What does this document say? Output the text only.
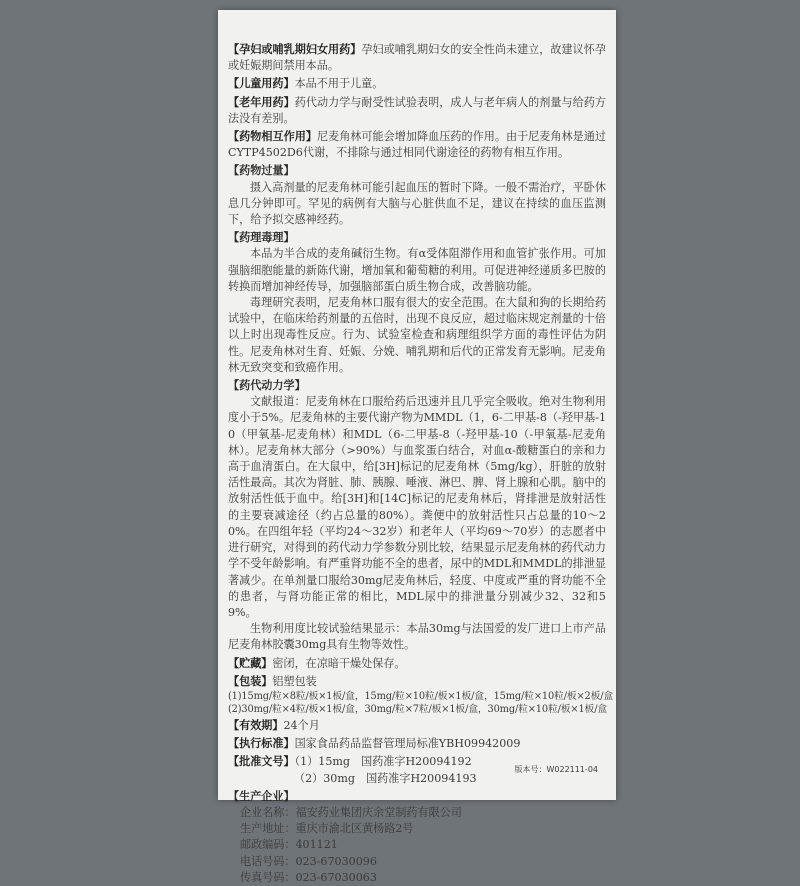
【孕妇或哺乳期妇女用药】孕妇或哺乳期妇女的安全性尚未建立，故建议怀孕或妊娠期间禁用本品。

【儿童用药】本品不用于儿童。

【老年用药】药代动力学与耐受性试验表明，成人与老年病人的剂量与给药方法没有差别。

【药物相互作用】尼麦角林可能会增加降血压药的作用。由于尼麦角林是通过CYTP4502D6代谢，不排除与通过相同代谢途径的药物有相互作用。

【药物过量】

摄入高剂量的尼麦角林可能引起血压的暂时下降。一般不需治疗，平卧休息几分钟即可。罕见的病例有大脑与心脏供血不足，建议在持续的血压监测下，给予拟交感神经药。

【药理毒理】

本品为半合成的麦角碱衍生物。有α受体阻滞作用和血管扩张作用。可加强脑细胞能量的新陈代谢，增加氧和葡萄糖的利用。可促进神经递质多巴胺的转换而增加神经传导，加强脑部蛋白质生物合成，改善脑功能。

毒理研究表明，尼麦角林口服有很大的安全范围。在大鼠和狗的长期给药试验中，在临床给药剂量的五倍时，出现不良反应，超过临床规定剂量的十倍以上时出现毒性反应。行为、试验室检查和病理组织学方面的毒性评估为阴性。尼麦角林对生育、妊娠、分娩、哺乳期和后代的正常发育无影响。尼麦角林无致突变和致癌作用。

【药代动力学】

文献报道：尼麦角林在口服给药后迅速并且几乎完全吸收。绝对生物利用度小于5%。尼麦角林的主要代谢产物为MMDL（1，6-二甲基-8（-羟甲基-10（甲氧基-尼麦角林）和MDL（6-二甲基-8（-羟甲基-10（-甲氧基-尼麦角林）。尼麦角林大部分（>90%）与血浆蛋白结合，对血α-酸糖蛋白的亲和力高于血清蛋白。在大鼠中，给[3H]标记的尼麦角林（5mg/kg），肝脏的放射活性最高。其次为肾脏、肺、胰腺、唾液、淋巴、脾、肾上腺和心肌。脑中的放射活性低于血中。给[3H]和[14C]标记的尼麦角林后，肾排泄是放射活性的主要衰减途径（约占总量的80%）。粪便中的放射活性只占总量的10～20%。在四组年轻（平均24～32岁）和老年人（平均69～70岁）的志愿者中进行研究，对得到的药代动力学参数分别比较，结果显示尼麦角林的药代动力学不受年龄影响。有严重肾功能不全的患者，尿中的MDL和MMDL的排泄显著减少。在单剂量口服给30mg尼麦角林后，轻度、中度或严重的肾功能不全的患者，与肾功能正常的相比，MDL尿中的排泄量分别减少32、32和59%。

生物利用度比较试验结果显示：本品30mg与法国爱的发厂进口上市产品尼麦角林胶囊30mg具有生物等效性。

【贮藏】密闭，在凉暗干燥处保存。

【包装】铝塑包装

(1)15mg/粒×8粒/板×1板/盒，15mg/粒×10粒/板×1板/盒，15mg/粒×10粒/板×2板/盒

(2)30mg/粒×4粒/板×1板/盒，30mg/粒×7粒/板×1板/盒，30mg/粒×10粒/板×1板/盒

【有效期】24个月

【执行标准】国家食品药品监督管理局标准YBH09942009

【批准文号】（1）15mg　国药准字H20094192

（2）30mg　国药准字H20094193

【生产企业】

企业名称： 福安药业集团庆余堂制药有限公司

生产地址： 重庆市渝北区黄杨路2号

邮政编码： 401121

电话号码： 023-67030096

传真号码： 023-67030063

版本号：W022111-04
